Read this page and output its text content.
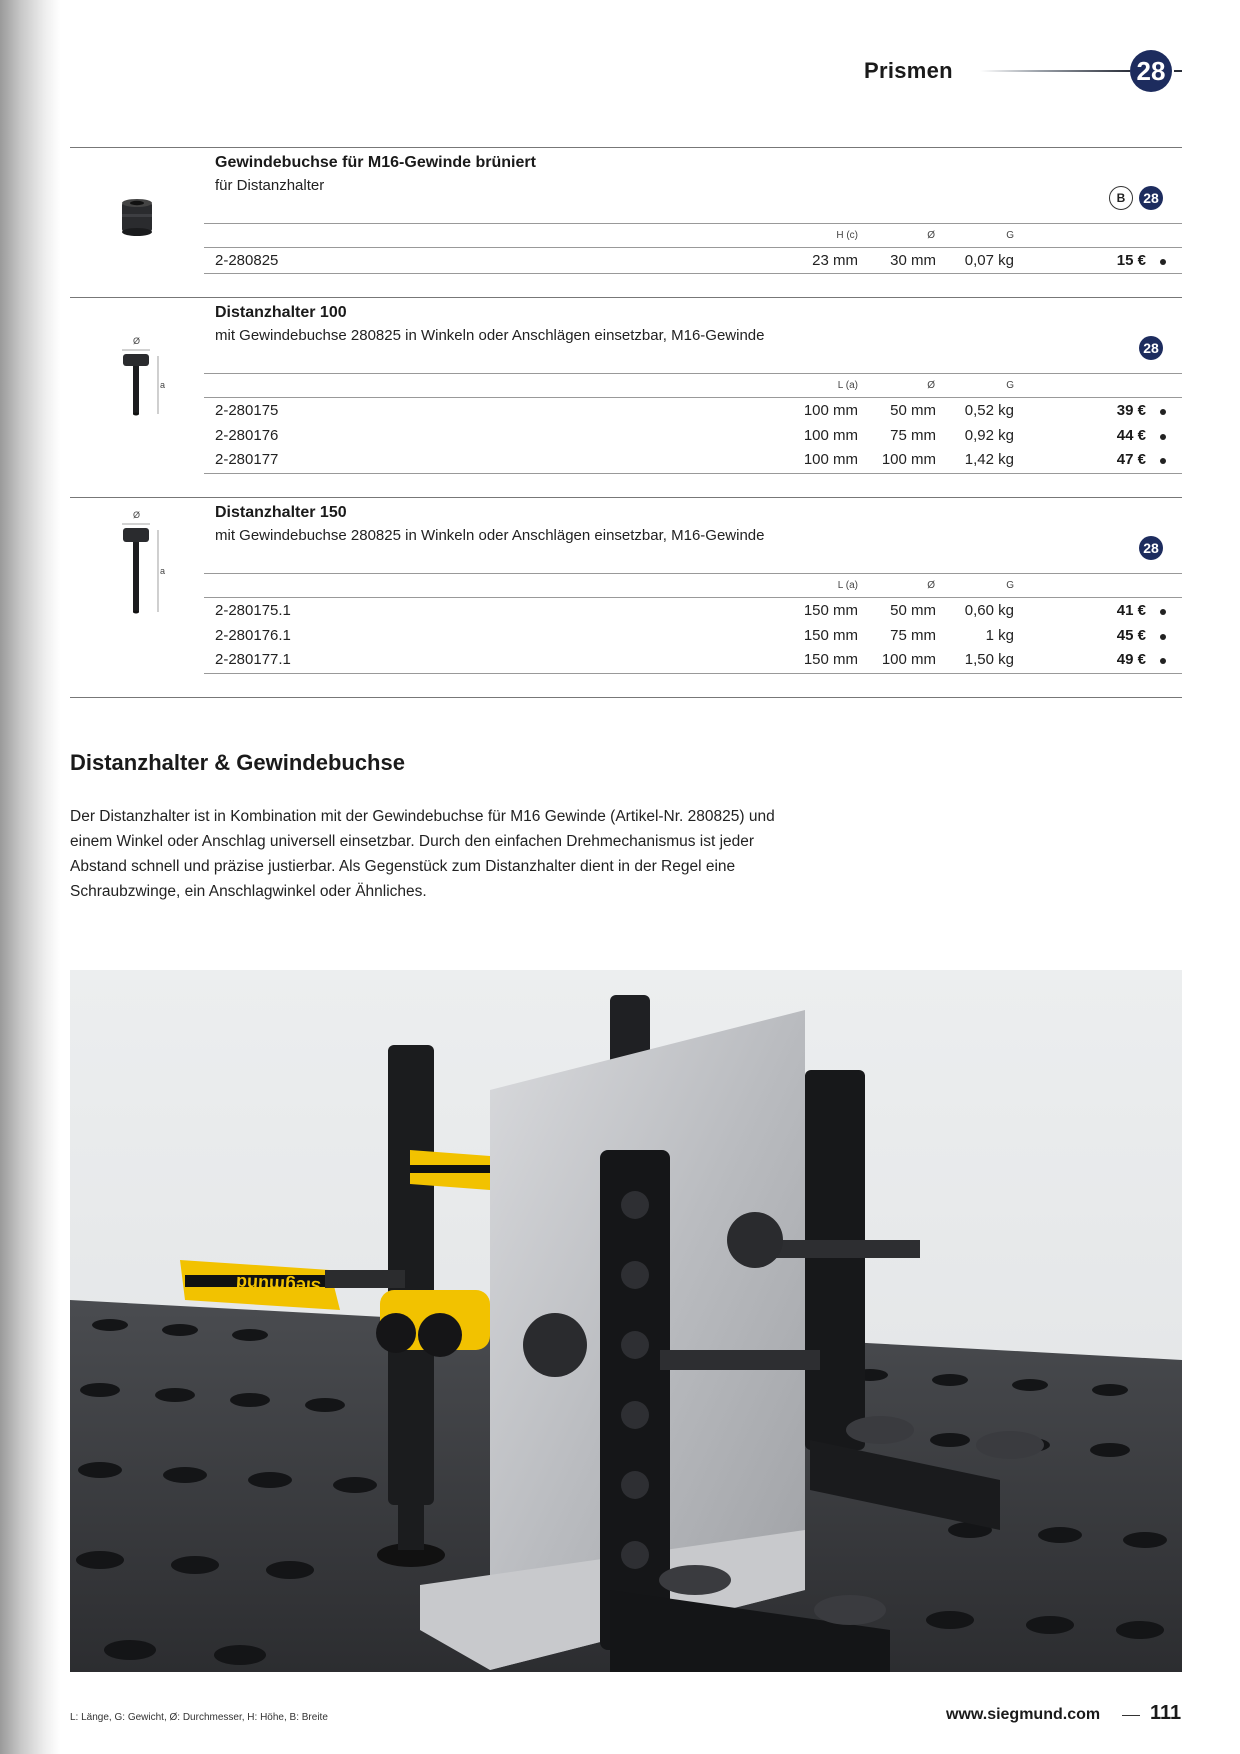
Prismen	28
Gewindebuchse für M16-Gewinde brüniert
für Distanzhalter
B	28
H (c)	Ø	G
2-280825	23 mm	30 mm	0,07 kg	15 €
Ø
a
Distanzhalter 100
mit Gewindebuchse 280825 in Winkeln oder Anschlägen einsetzbar, M16-Gewinde
28
L (a)	Ø	G
2-280175	100 mm	50 mm	0,52 kg	39 €
2-280176	100 mm	75 mm	0,92 kg	44 €
2-280177	100 mm	100 mm	1,42 kg	47 €
Ø
a
Distanzhalter 150
mit Gewindebuchse 280825 in Winkeln oder Anschlägen einsetzbar, M16-Gewinde
28
L (a)	Ø	G
2-280175.1	150 mm	50 mm	0,60 kg	41 €
2-280176.1	150 mm	75 mm	1 kg	45 €
2-280177.1	150 mm	100 mm	1,50 kg	49 €
Distanzhalter & Gewindebuchse
Der Distanzhalter ist in Kombination mit der Gewindebuchse für M16 Gewinde (Artikel-Nr. 280825) und einem Winkel oder Anschlag universell einsetzbar. Durch den einfachen Drehmechanismus ist jeder Abstand schnell und präzise justierbar. Als Gegenstück zum Distanzhalter dient in der Regel eine Schraubzwinge, ein Anschlagwinkel oder Ähnliches.
siegmund
L: Länge, G: Gewicht, Ø: Durchmesser, H: Höhe, B: Breite	www.siegmund.com 111
